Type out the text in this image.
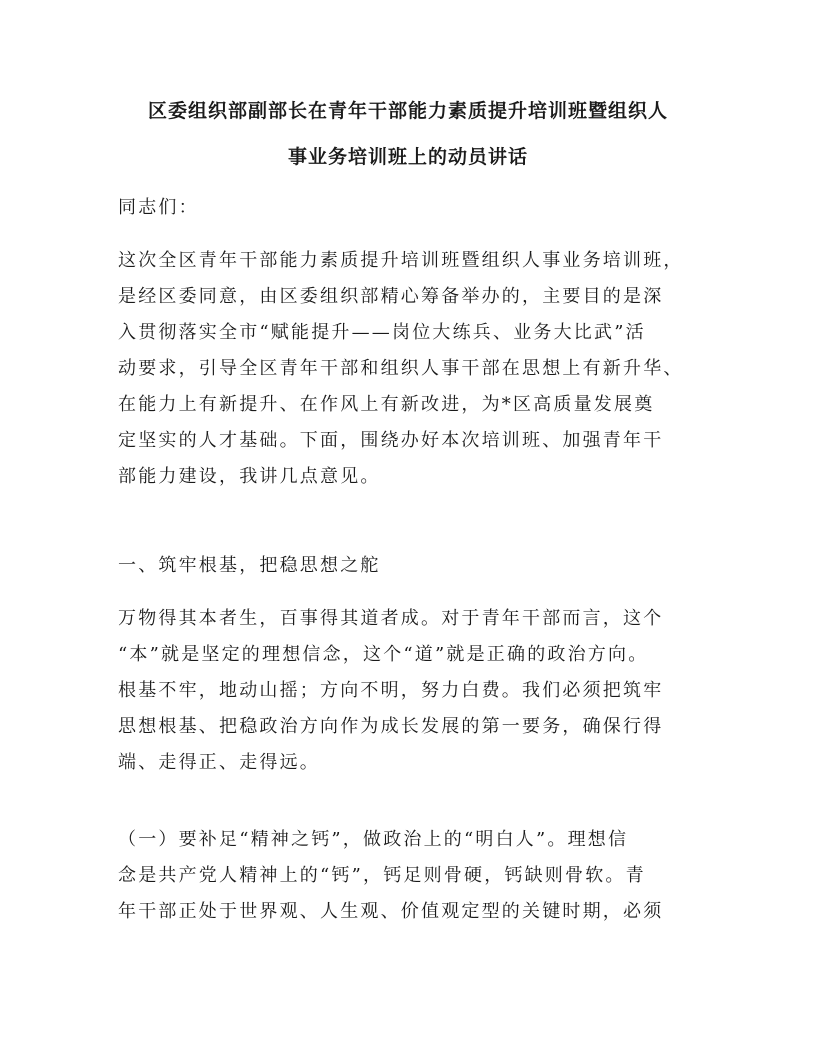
区委组织部副部长在青年干部能力素质提升培训班暨组织人
事业务培训班上的动员讲话
同志们：
这次全区青年干部能力素质提升培训班暨组织人事业务培训班，
是经区委同意，由区委组织部精心筹备举办的，主要目的是深
入贯彻落实全市“赋能提升——岗位大练兵、业务大比武”活
动要求，引导全区青年干部和组织人事干部在思想上有新升华、
在能力上有新提升、在作风上有新改进，为*区高质量发展奠
定坚实的人才基础。下面，围绕办好本次培训班、加强青年干
部能力建设，我讲几点意见。
一、筑牢根基，把稳思想之舵
万物得其本者生，百事得其道者成。对于青年干部而言，这个
“本”就是坚定的理想信念，这个“道”就是正确的政治方向。
根基不牢，地动山摇；方向不明，努力白费。我们必须把筑牢
思想根基、把稳政治方向作为成长发展的第一要务，确保行得
端、走得正、走得远。
（一）要补足“精神之钙”，做政治上的“明白人”。理想信
念是共产党人精神上的“钙”，钙足则骨硬，钙缺则骨软。青
年干部正处于世界观、人生观、价值观定型的关键时期，必须
